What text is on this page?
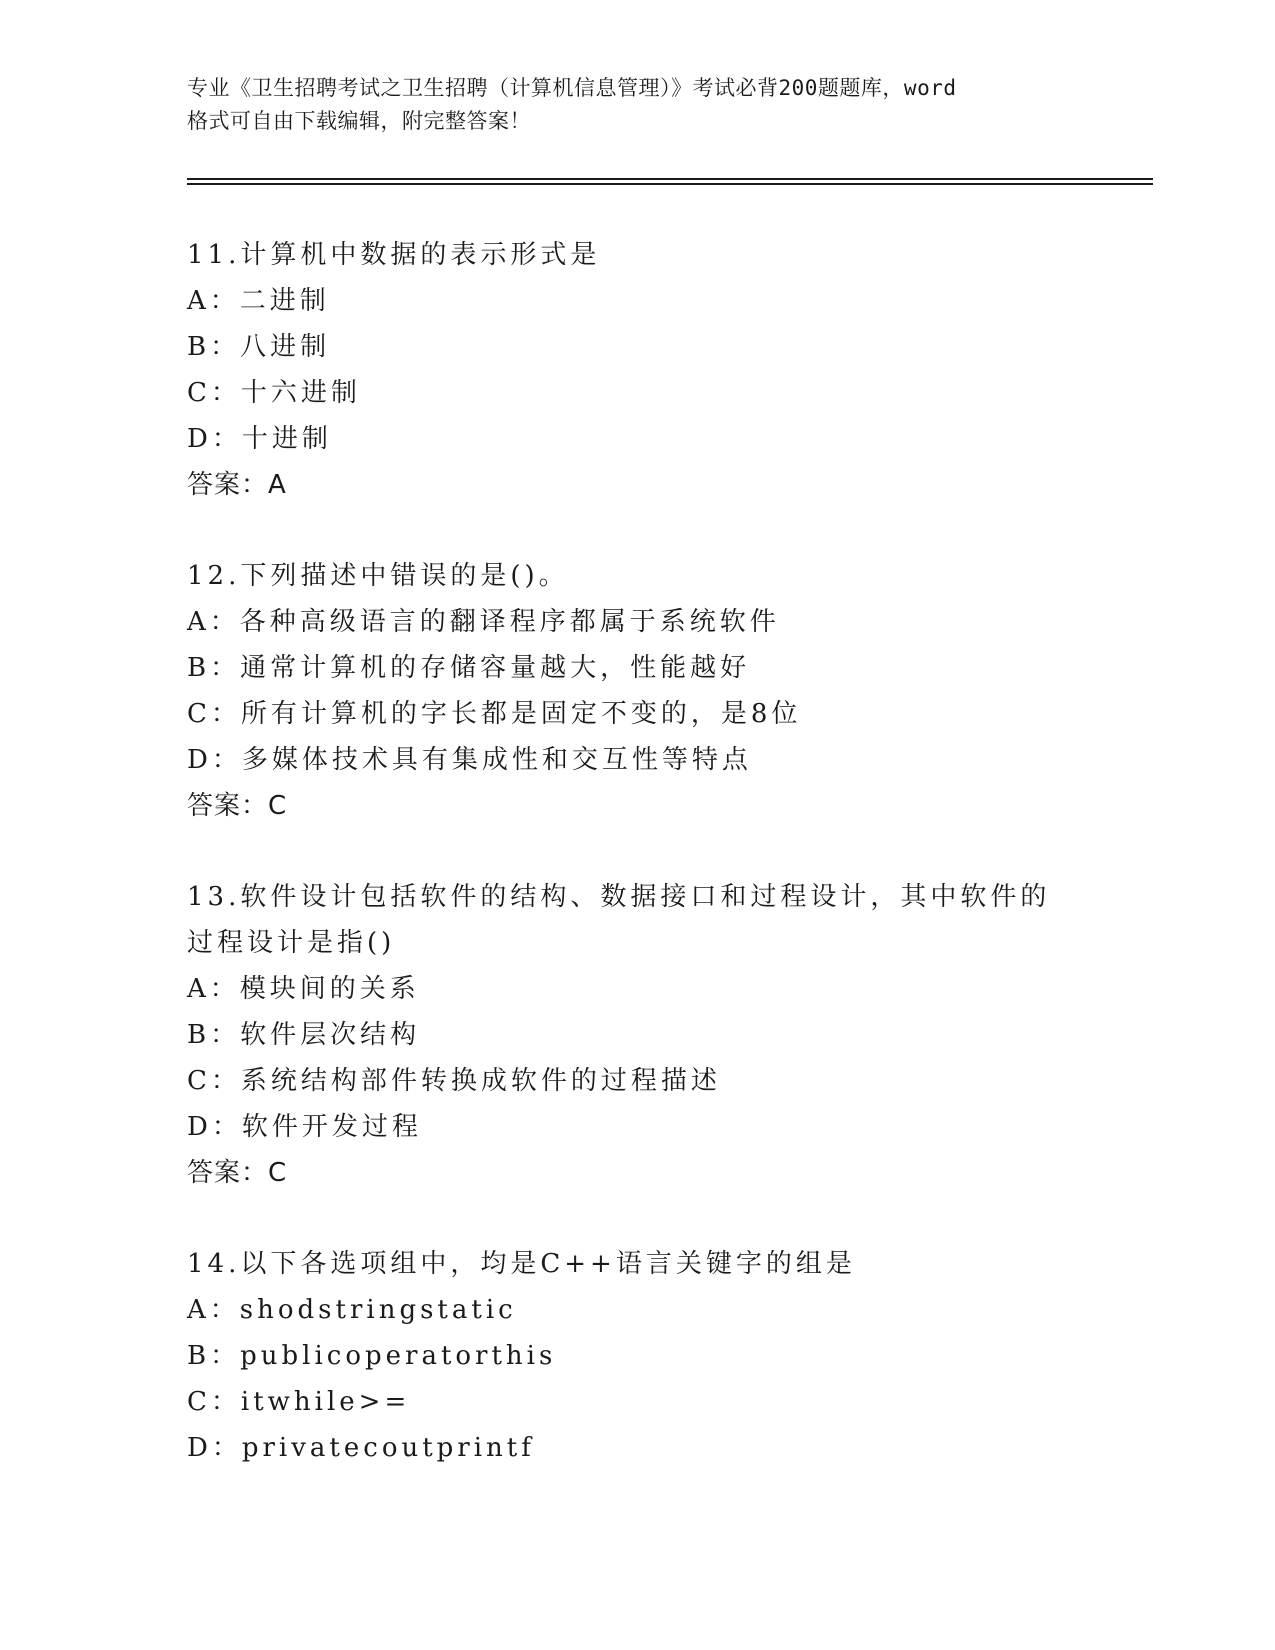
专业《卫生招聘考试之卫生招聘（计算机信息管理）》考试必背200题题库，word
格式可自由下载编辑，附完整答案！
11.计算机中数据的表示形式是
A：二进制
B：八进制
C：十六进制
D：十进制
答案：A
12.下列描述中错误的是()。
A：各种高级语言的翻译程序都属于系统软件
B：通常计算机的存储容量越大，性能越好
C：所有计算机的字长都是固定不变的，是8位
D：多媒体技术具有集成性和交互性等特点
答案：C
13.软件设计包括软件的结构、数据接口和过程设计，其中软件的过程设计是指()
A：模块间的关系
B：软件层次结构
C：系统结构部件转换成软件的过程描述
D：软件开发过程
答案：C
14.以下各选项组中，均是C++语言关键字的组是
A：shodstringstatic
B：publicoperatorthis
C：itwhile>=
D：privatecoutprintf
